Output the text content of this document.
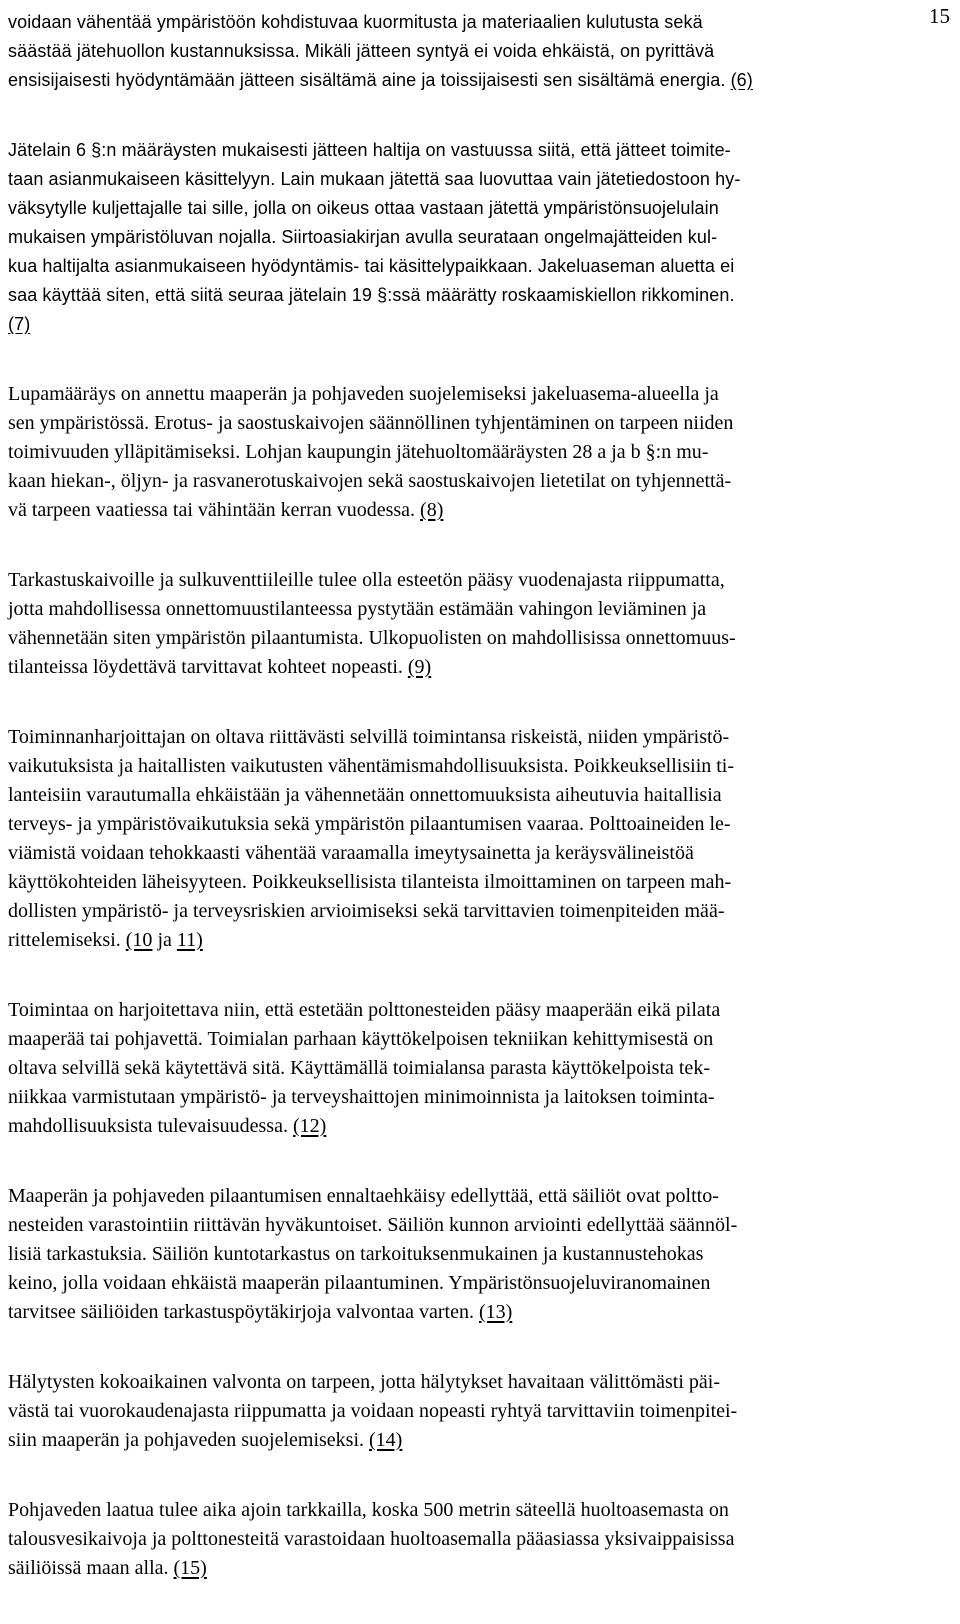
15

voidaan vähentää ympäristöön kohdistuvaa kuormitusta ja materiaalien kulutusta sekä
säästää jätehuollon kustannuksissa. Mikäli jätteen syntyä ei voida ehkäistä, on pyrittävä
ensisijaisesti hyödyntämään jätteen sisältämä aine ja toissijaisesti sen sisältämä energia. (6)

Jätelain 6 §:n määräysten mukaisesti jätteen haltija on vastuussa siitä, että jätteet toimite-
taan asianmukaiseen käsittelyyn. Lain mukaan jätettä saa luovuttaa vain jätetiedostoon hy-
väksytylle kuljettajalle tai sille, jolla on oikeus ottaa vastaan jätettä ympäristönsuojelulain
mukaisen ympäristöluvan nojalla. Siirtoasiakirjan avulla seurataan ongelmajätteiden kul-
kua haltijalta asianmukaiseen hyödyntämis- tai käsittelypaikkaan. Jakeluaseman aluetta ei
saa käyttää siten, että siitä seuraa jätelain 19 §:ssä määrätty roskaamiskiellon rikkominen.
(7)

Lupamääräys on annettu maaperän ja pohjaveden suojelemiseksi jakeluasema-alueella ja
sen ympäristössä. Erotus- ja saostuskaivojen säännöllinen tyhjentäminen on tarpeen niiden
toimivuuden ylläpitämiseksi. Lohjan kaupungin jätehuoltomääräysten 28 a ja b §:n mu-
kaan hiekan-, öljyn- ja rasvanerotuskaivojen sekä saostuskaivojen lietetilat on tyhjennettä-
vä tarpeen vaatiessa tai vähintään kerran vuodessa. (8)

Tarkastuskaivoille ja sulkuventtiileille tulee olla esteetön pääsy vuodenajasta riippumatta,
jotta mahdollisessa onnettomuustilanteessa pystytään estämään vahingon leviäminen ja
vähennetään siten ympäristön pilaantumista. Ulkopuolisten on mahdollisissa onnettomuus-
tilanteissa löydettävä tarvittavat kohteet nopeasti. (9)

Toiminnanharjoittajan on oltava riittävästi selvillä toimintansa riskeistä, niiden ympäristö-
vaikutuksista ja haitallisten vaikutusten vähentämismahdollisuuksista. Poikkeuksellisiin ti-
lanteisiin varautumalla ehkäistään ja vähennetään onnettomuuksista aiheutuvia haitallisia
terveys- ja ympäristövaikutuksia sekä ympäristön pilaantumisen vaaraa. Polttoaineiden le-
viämistä voidaan tehokkaasti vähentää varaamalla imeytysainetta ja keräysvälineistöä
käyttökohteiden läheisyyteen. Poikkeuksellisista tilanteista ilmoittaminen on tarpeen mah-
dollisten ympäristö- ja terveysriskien arvioimiseksi sekä tarvittavien toimenpiteiden mää-
rittelemiseksi. (10 ja 11)

Toimintaa on harjoitettava niin, että estetään polttonesteiden pääsy maaperään eikä pilata
maaperää tai pohjavettä. Toimialan parhaan käyttökelpoisen tekniikan kehittymisestä on
oltava selvillä sekä käytettävä sitä. Käyttämällä toimialansa parasta käyttökelpoista tek-
niikkaa varmistutaan ympäristö- ja terveyshaittojen minimoinnista ja laitoksen toiminta-
mahdollisuuksista tulevaisuudessa. (12)

Maaperän ja pohjaveden pilaantumisen ennaltaehkäisy edellyttää, että säiliöt ovat poltto-
nesteiden varastointiin riittävän hyväkuntoiset. Säiliön kunnon arviointi edellyttää säännöl-
lisiä tarkastuksia. Säiliön kuntotarkastus on tarkoituksenmukainen ja kustannustehokas
keino, jolla voidaan ehkäistä maaperän pilaantuminen. Ympäristönsuojeluviranomainen
tarvitsee säiliöiden tarkastuspöytäkirjoja valvontaa varten. (13)

Hälytysten kokoaikainen valvonta on tarpeen, jotta hälytykset havaitaan välittömästi päi-
västä tai vuorokaudenajasta riippumatta ja voidaan nopeasti ryhtyä tarvittaviin toimenpitei-
siin maaperän ja pohjaveden suojelemiseksi. (14)

Pohjaveden laatua tulee aika ajoin tarkkailla, koska 500 metrin säteellä huoltoasemasta on
talousvesikaivoja ja polttonesteitä varastoidaan huoltoasemalla pääasiassa yksivaippaisissa
säiliöissä maan alla. (15)
